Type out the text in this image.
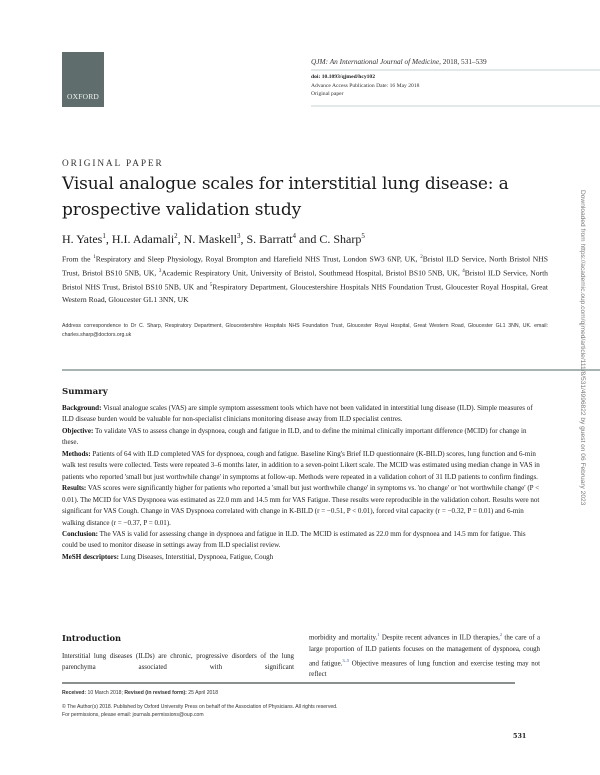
OXFORD
QJM: An International Journal of Medicine, 2018, 531–539
doi: 10.1093/qjmed/hcy102
Advance Access Publication Date: 16 May 2018
Original paper
ORIGINAL PAPER
Visual analogue scales for interstitial lung disease: a prospective validation study
H. Yates$^1$, H.I. Adamali$^2$, N. Maskell$^3$, S. Barratt$^4$ and C. Sharp$^5$
From the $^1$Respiratory and Sleep Physiology, Royal Brompton and Harefield NHS Trust, London SW3 6NP, UK, $^2$Bristol ILD Service, North Bristol NHS Trust, Bristol BS10 5NB, UK, $^3$Academic Respiratory Unit, University of Bristol, Southmead Hospital, Bristol BS10 5NB, UK, $^4$Bristol ILD Service, North Bristol NHS Trust, Bristol BS10 5NB, UK and $^5$Respiratory Department, Gloucestershire Hospitals NHS Foundation Trust, Gloucester Royal Hospital, Great Western Road, Gloucester GL1 3NN, UK
Address correspondence to Dr C. Sharp, Respiratory Department, Gloucestershire Hospitals NHS Foundation Trust, Gloucester Royal Hospital, Great Western Road, Gloucester GL1 3NN, UK. email: charles.sharp@doctors.org.uk
Summary

Background: Visual analogue scales (VAS) are simple symptom assessment tools which have not been validated in interstitial lung disease (ILD). Simple measures of ILD disease burden would be valuable for non-specialist clinicians monitoring disease away from ILD specialist centres.

Objective: To validate VAS to assess change in dyspnoea, cough and fatigue in ILD, and to define the minimal clinically important difference (MCID) for change in these.

Methods: Patients of 64 with ILD completed VAS for dyspnoea, cough and fatigue. Baseline King's Brief ILD questionnaire (K-BILD) scores, lung function and 6-min walk test results were collected. Tests were repeated 3–6 months later, in addition to a seven-point Likert scale. The MCID was estimated using median change in VAS in patients who reported 'small but just worthwhile change' in symptoms at follow-up. Methods were repeated in a validation cohort of 31 ILD patients to confirm findings.

Results: VAS scores were significantly higher for patients who reported a 'small but just worthwhile change' in symptoms vs. 'no change' or 'not worthwhile change' (P < 0.01). The MCID for VAS Dyspnoea was estimated as 22.0 mm and 14.5 mm for VAS Fatigue. These results were reproducible in the validation cohort. Results were not significant for VAS Cough. Change in VAS Dyspnoea correlated with change in K-BILD (r = −0.51, P < 0.01), forced vital capacity (r = −0.32, P = 0.01) and 6-min walking distance (r = −0.37, P = 0.01).

Conclusion: The VAS is valid for assessing change in dyspnoea and fatigue in ILD. The MCID is estimated as 22.0 mm for dyspnoea and 14.5 mm for fatigue. This could be used to monitor disease in settings away from ILD specialist review.

MeSH descriptors: Lung Diseases, Interstitial, Dyspnoea, Fatigue, Cough

Introduction
Interstitial lung diseases (ILDs) are chronic, progressive disorders of the lung parenchyma associated with significant
morbidity and mortality.$^1$ Despite recent advances in ILD therapies,$^2$ the care of a large proportion of ILD patients focuses on the management of dyspnoea, cough and fatigue.$^{3-5}$ Objective measures of lung function and exercise testing may not reflect
Received: 10 March 2018; Revised (in revised form): 25 April 2018
© The Author(s) 2018. Published by Oxford University Press on behalf of the Association of Physicians. All rights reserved.
For permissions, please email: journals.permissions@oup.com
531
Downloaded from https://academic.oup.com/qjmed/article/111/8/531/4996822 by guest on 06 February 2023
